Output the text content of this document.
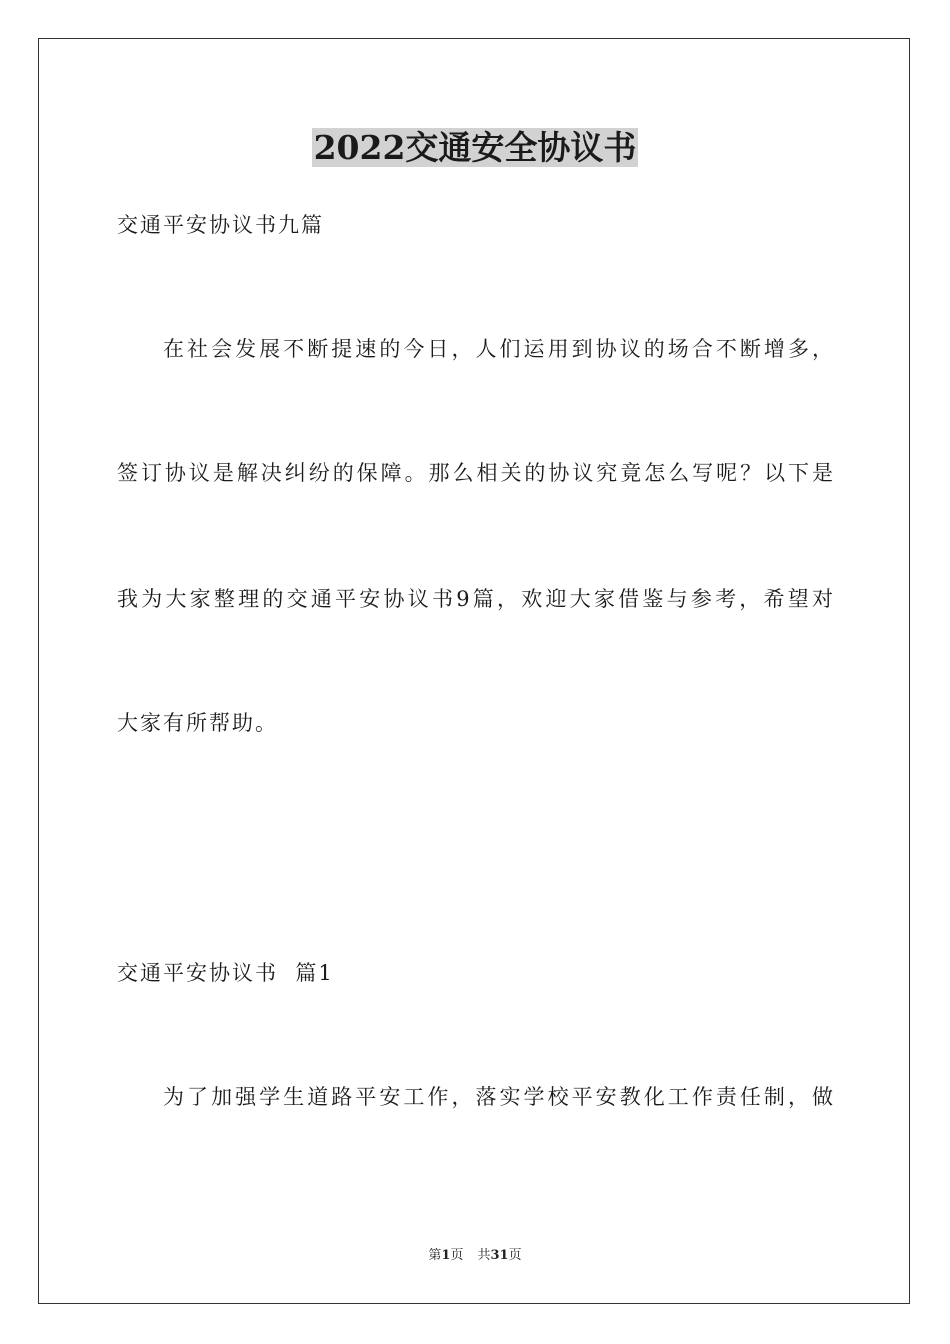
2022交通安全协议书
交通平安协议书九篇
在社会发展不断提速的今日，人们运用到协议的场合不断增多，
签订协议是解决纠纷的保障。那么相关的协议究竟怎么写呢？以下是
我为大家整理的交通平安协议书9篇，欢迎大家借鉴与参考，希望对
大家有所帮助。
交通平安协议书  篇1
为了加强学生道路平安工作，落实学校平安教化工作责任制，做
第1页 共31页
